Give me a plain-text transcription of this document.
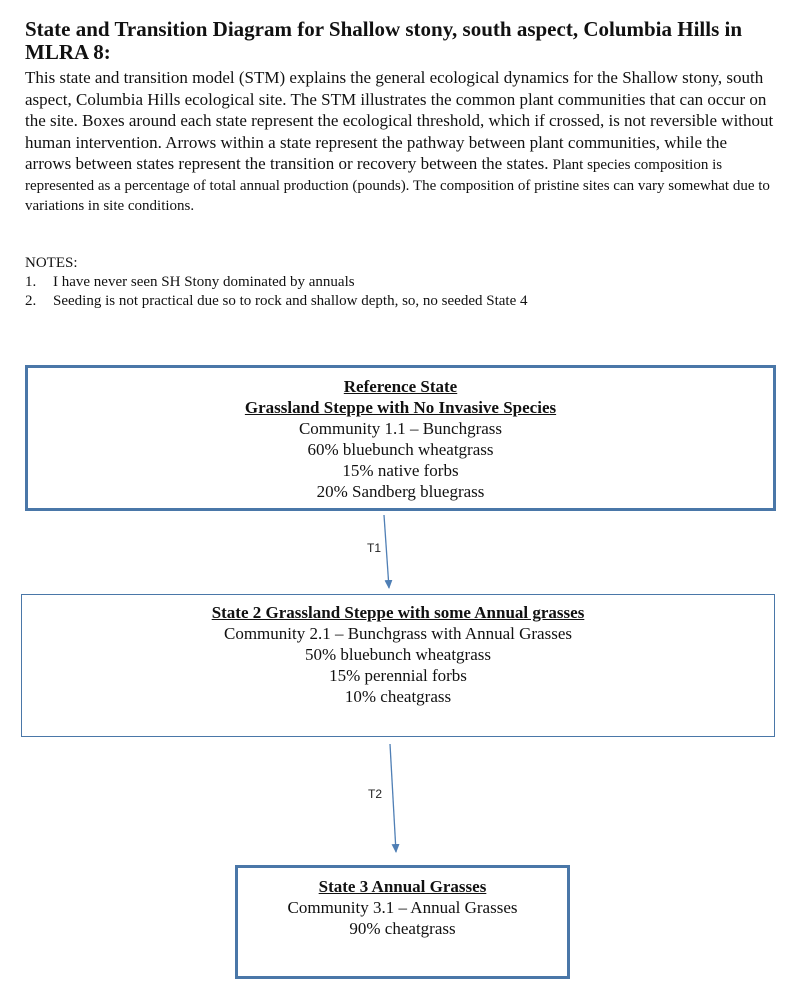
State and Transition Diagram for Shallow stony, south aspect, Columbia Hills in MLRA 8:

This state and transition model (STM) explains the general ecological dynamics for the Shallow stony, south aspect, Columbia Hills ecological site. The STM illustrates the common plant communities that can occur on the site. Boxes around each state represent the ecological threshold, which if crossed, is not reversible without human intervention. Arrows within a state represent the pathway between plant communities, while the arrows between states represent the transition or recovery between the states. Plant species composition is represented as a percentage of total annual production (pounds). The composition of pristine sites can vary somewhat due to variations in site conditions.

NOTES:
1.	I have never seen SH Stony dominated by annuals
2.	Seeding is not practical due so to rock and shallow depth, so, no seeded State 4
T1
T2
Reference State
Grassland Steppe with No Invasive Species
Community 1.1 – Bunchgrass
60% bluebunch wheatgrass
15% native forbs
20% Sandberg bluegrass
State 2 Grassland Steppe with some Annual grasses
Community 2.1 – Bunchgrass with Annual Grasses
50% bluebunch wheatgrass
15% perennial forbs
10% cheatgrass
State 3 Annual Grasses
Community 3.1 – Annual Grasses
90% cheatgrass
